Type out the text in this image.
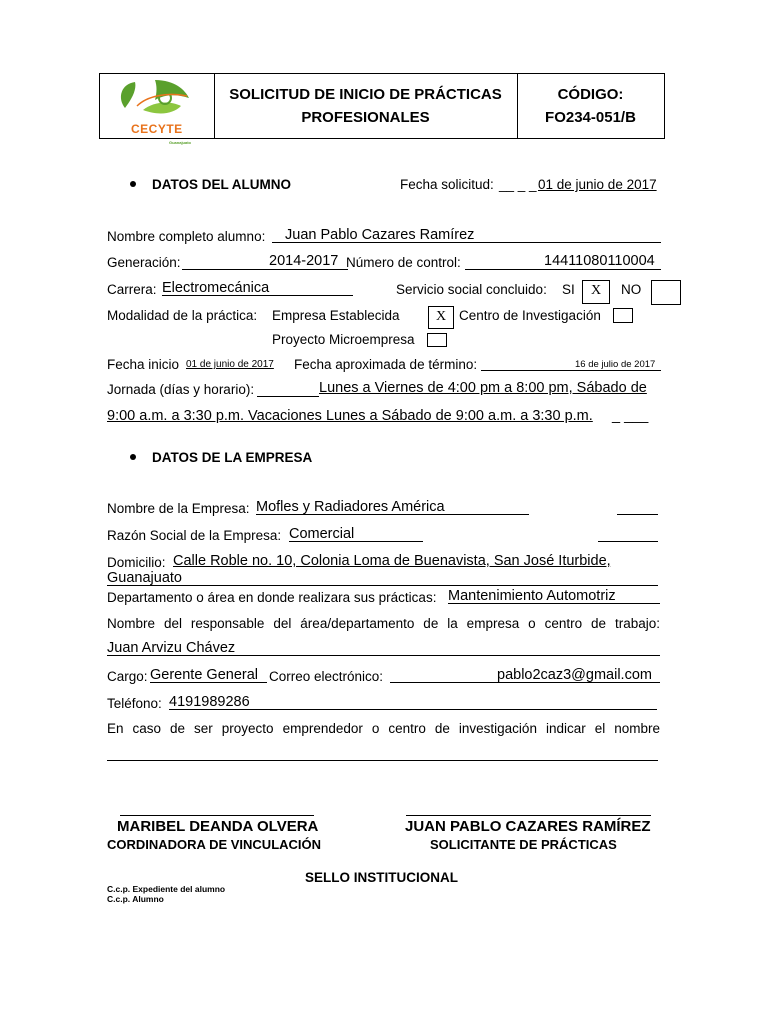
CECYTE
Guanajuato
SOLICITUD DE INICIO DE PRÁCTICAS
PROFESIONALES
CÓDIGO:
FO234-051/B
DATOS DEL ALUMNO	Fecha solicitud: __ _ _ 01 de junio de 2017
Nombre completo alumno: Juan Pablo Cazares Ramírez
Generación:	2014-2017 Número de control:	14411080110004
Carrera: Electromecánica	Servicio social concluido: SI	X	NO
Modalidad de la práctica: Empresa Establecida	X Centro de Investigación
Proyecto Microempresa
Fecha inicio 01 de junio de 2017 Fecha aproximada de término:	16 de julio de 2017
Jornada (días y horario):	Lunes a Viernes de 4:00 pm a 8:00 pm, Sábado de
9:00 a.m. a 3:30 p.m. Vacaciones Lunes a Sábado de 9:00 a.m. a 3:30 p.m. _ ___
DATOS DE LA EMPRESA
Nombre de la Empresa: Mofles y Radiadores América
Razón Social de la Empresa: Comercial
Domicilio: Calle Roble no. 10, Colonia Loma de Buenavista, San José Iturbide,
Guanajuato
Departamento o área en donde realizara sus prácticas: Mantenimiento Automotriz
Nombre del responsable del área/departamento de la empresa o centro de trabajo:
Juan Arvizu Chávez
Cargo: Gerente General Correo electrónico:	pablo2caz3@gmail.com
Teléfono: 4191989286
En caso de ser proyecto emprendedor o centro de investigación indicar el nombre
MARIBEL DEANDA OLVERA
CORDINADORA DE VINCULACIÓN
JUAN PABLO CAZARES RAMÍREZ
SOLICITANTE DE PRÁCTICAS
SELLO INSTITUCIONAL
C.c.p. Expediente del alumno
C.c.p. Alumno
